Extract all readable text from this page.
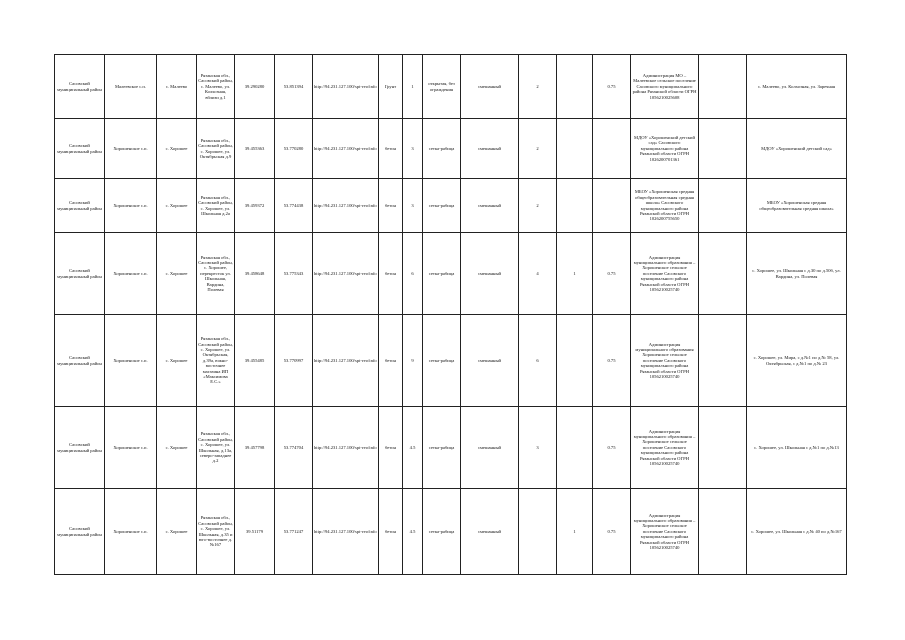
Сасовский муниципальный район	Малеевское с.п.	с. Малеево	Рязанская обл., Сасовский район, с. Малеево, ул. Колхозная, вблизи д.1	39.290280	53.851394	http://94.231.127.100/spt-гео/info	Грунт	1	открытая, без ограждения	смешанный	2		0.75	Администрация МО – Малеевское сельское поселение Сасовского муниципального района Рязанской области ОГРН 1056210025608		с. Малеево, ул. Колхозная, ул. Заречная
Сасовский муниципальный район	Хорошенское с.п.	с. Хорошее	Рязанская обл., Сасовский район, с. Хорошее, ул. Октябрьская д.9	39.455363	53.770280	http://94.231.127.100/spt-гео/info	бетон	3	сетка-рабица	смешанный	2			МДОУ «Хорошенский детский сад» Сасовского муниципального района Рязанской области ОГРН 1026200701361		МДОУ «Хорошенский детский сад»
Сасовский муниципальный район	Хорошенское с.п.	с. Хорошее	Рязанская обл., Сасовский район, с. Хорошее, ул. Школьная д.2а	39.459372	53.774438	http://94.231.127.100/spt-гео/info	бетон	3	сетка-рабица	смешанный	2			МБОУ «Хорошенская средняя общеобразовательная средняя школа» Сасовского муниципального района Рязанской области ОГРН 1026200755650		МБОУ «Хорошенская средняя общеобразовательная средняя школа»
Сасовский муниципальный район	Хорошенское с.п.	с. Хорошее	Рязанская обл., Сасовский район, с. Хорошее, перекресток ул. Школьная, Вардина, Полевая	39.458648	53.775343	http://94.231.127.100/spt-гео/info	бетон	6	сетка-рабица	смешанный	4	1	0.75	Администрация муниципального образования – Хорошенское сельское поселение Сасовского муниципального района Рязанской области ОГРН 1056210025740		с. Хорошее, ул. Школьная с д.30 по д.50б, ул. Вардина, ул. Полевая
Сасовский муниципальный район	Хорошенское с.п.	с. Хорошее	Рязанская обл., Сасовский район, с. Хорошее, ул. Октябрьская, д.39а, южно-восточнее магазина ИП «Максимова Е.С.»	39.455485	53.770997	http://94.231.127.100/spt-гео/info	бетон	9	сетка-рабица	смешанный	6		0.75	Администрация муниципального образования Хорошенское сельское поселение Сасовского муниципального района Рязанской области ОГРН 1056210025740		с. Хорошее, ул. Мира, с д.№1 по д.№ 58, ул. Октябрьская, с д.№1 по д.№ 23
Сасовский муниципальный район	Хорошенское с.п.	с. Хорошее	Рязанская обл., Сасовский район, с. Хорошее, ул. Школьная, д.13а, северо-западнее д.2	39.457798	53.774704	http://94.231.127.100/spt-гео/info	бетон	4.5	сетка-рабица	смешанный	3		0.75	Администрация муниципального образования – Хорошенское сельское поселение Сасовского муниципального района Рязанской области ОГРН 1056210025740		с. Хорошее, ул. Школьная с д.№1 по д.№13
Сасовский муниципальный район	Хорошенское с.п.	с. Хорошее	Рязанская обл., Сасовский район, с. Хорошее, ул. Школьная, д.35 и юго-восточнее д.№167	39.51179	53.771247	http://94.231.127.100/spt-гео/info	бетон	4.5	сетка-рабица	смешанный		1	0.75	Администрация муниципального образования – Хорошенское сельское поселение Сасовского муниципального района Рязанской области ОГРН 1056210025740		с. Хорошее, ул. Школьная с д.№ 40 по д.№167
